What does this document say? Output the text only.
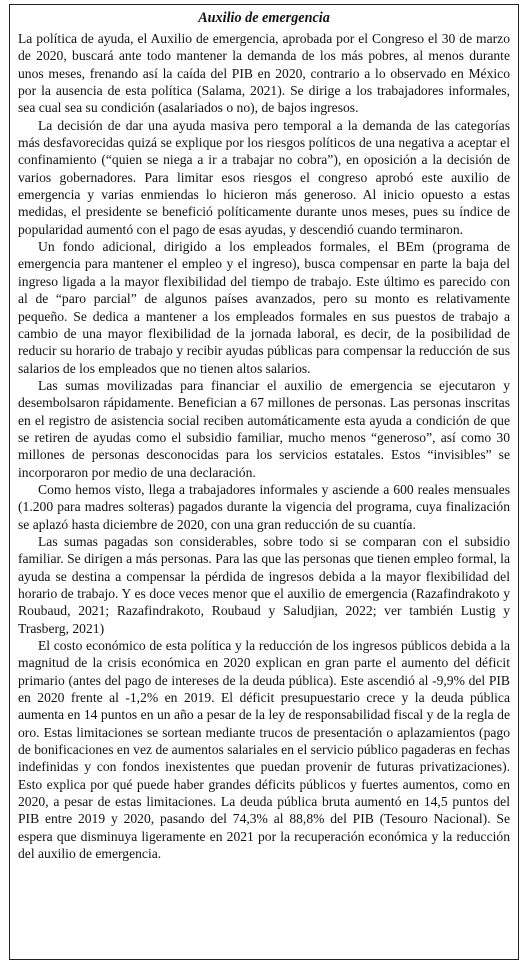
Auxilio de emergencia

La política de ayuda, el Auxilio de emergencia, aprobada por el Congreso el 30 de marzo de 2020, buscará ante todo mantener la demanda de los más pobres, al menos durante unos meses, frenando así la caída del PIB en 2020, contrario a lo observado en México por la ausencia de esta política (Salama, 2021). Se dirige a los trabajadores informales, sea cual sea su condición (asalariados o no), de bajos ingresos.

La decisión de dar una ayuda masiva pero temporal a la demanda de las categorías más desfavorecidas quizá se explique por los riesgos políticos de una negativa a aceptar el confinamiento (“quien se niega a ir a trabajar no cobra”), en oposición a la decisión de varios gobernadores. Para limitar esos riesgos el congreso aprobó este auxilio de emergencia y varias enmiendas lo hicieron más generoso. Al inicio opuesto a estas medidas, el presidente se benefició políticamente durante unos meses, pues su índice de popularidad aumentó con el pago de esas ayudas, y descendió cuando terminaron.

Un fondo adicional, dirigido a los empleados formales, el BEm (programa de emergencia para mantener el empleo y el ingreso), busca compensar en parte la baja del ingreso ligada a la mayor flexibilidad del tiempo de trabajo. Este último es parecido con al de “paro parcial” de algunos países avanzados, pero su monto es relativamente pequeño. Se dedica a mantener a los empleados formales en sus puestos de trabajo a cambio de una mayor flexibilidad de la jornada laboral, es decir, de la posibilidad de reducir su horario de trabajo y recibir ayudas públicas para compensar la reducción de sus salarios de los empleados que no tienen altos salarios.

Las sumas movilizadas para financiar el auxilio de emergencia se ejecutaron y desembolsaron rápidamente. Benefician a 67 millones de personas. Las personas inscritas en el registro de asistencia social reciben automáticamente esta ayuda a condición de que se retiren de ayudas como el subsidio familiar, mucho menos “generoso”, así como 30 millones de personas desconocidas para los servicios estatales. Estos “invisibles” se incorporaron por medio de una declaración.

Como hemos visto, llega a trabajadores informales y asciende a 600 reales mensuales (1.200 para madres solteras) pagados durante la vigencia del programa, cuya finalización se aplazó hasta diciembre de 2020, con una gran reducción de su cuantía.

Las sumas pagadas son considerables, sobre todo si se comparan con el subsidio familiar. Se dirigen a más personas. Para las que las personas que tienen empleo formal, la ayuda se destina a compensar la pérdida de ingresos debida a la mayor flexibilidad del horario de trabajo. Y es doce veces menor que el auxilio de emergencia (Razafindrakoto y Roubaud, 2021; Razafindrakoto, Roubaud y Saludjian, 2022; ver también Lustig y Trasberg, 2021)

El costo económico de esta política y la reducción de los ingresos públicos debida a la magnitud de la crisis económica en 2020 explican en gran parte el aumento del déficit primario (antes del pago de intereses de la deuda pública). Este ascendió al -9,9% del PIB en 2020 frente al -1,2% en 2019. El déficit presupuestario crece y la deuda pública aumenta en 14 puntos en un año a pesar de la ley de responsabilidad fiscal y de la regla de oro. Estas limitaciones se sortean mediante trucos de presentación o aplazamientos (pago de bonificaciones en vez de aumentos salariales en el servicio público pagaderas en fechas indefinidas y con fondos inexistentes que puedan provenir de futuras privatizaciones). Esto explica por qué puede haber grandes déficits públicos y fuertes aumentos, como en 2020, a pesar de estas limitaciones. La deuda pública bruta aumentó en 14,5 puntos del PIB entre 2019 y 2020, pasando del 74,3% al 88,8% del PIB (Tesouro Nacional). Se espera que disminuya ligeramente en 2021 por la recuperación económica y la reducción del auxilio de emergencia.
